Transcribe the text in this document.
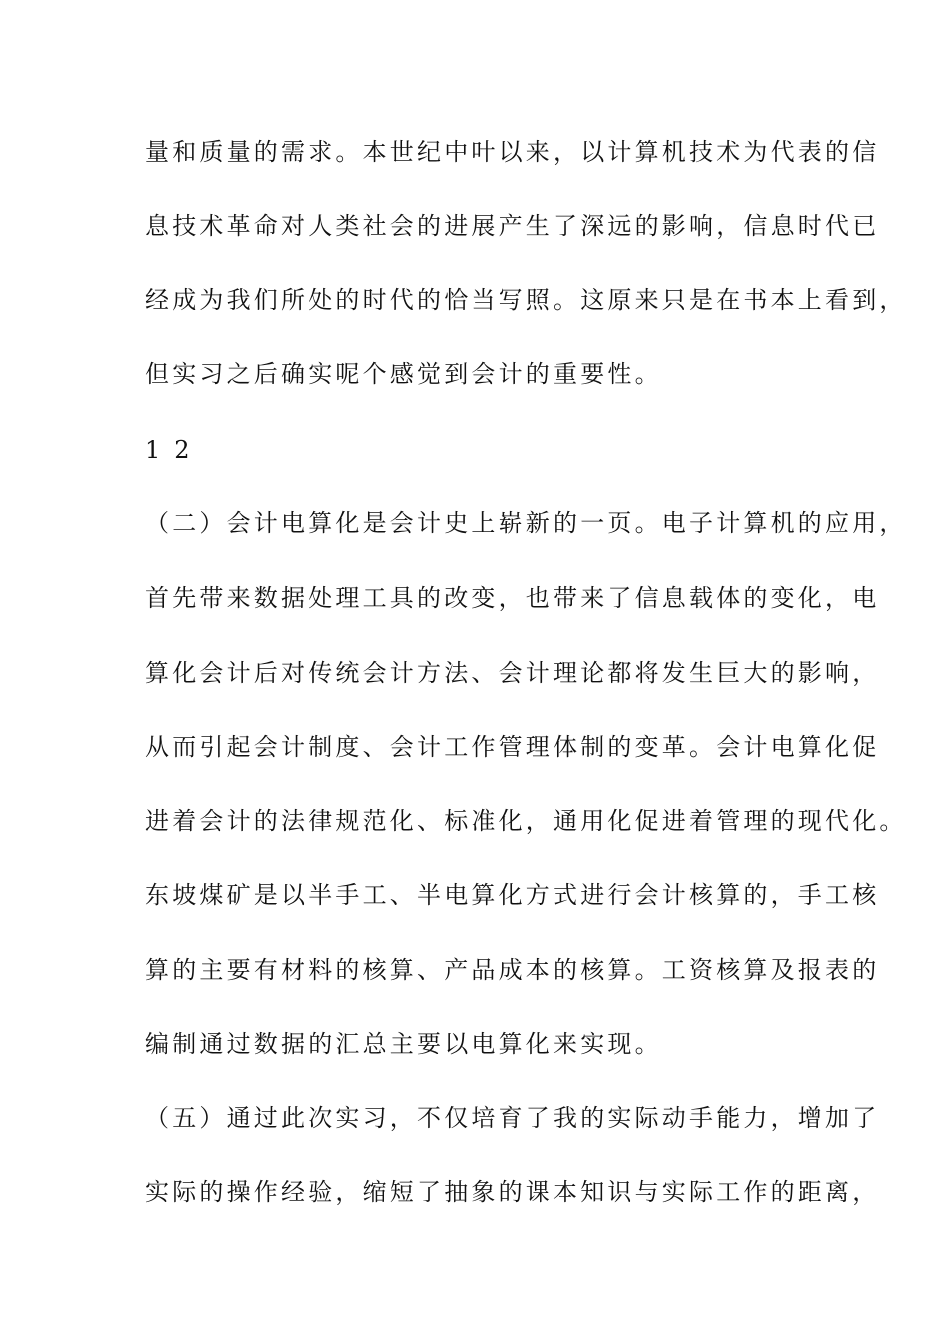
量和质量的需求。本世纪中叶以来，以计算机技术为代表的信
息技术革命对人类社会的进展产生了深远的影响，信息时代已
经成为我们所处的时代的恰当写照。这原来只是在书本上看到，
但实习之后确实呢个感觉到会计的重要性。
1 2
（二）会计电算化是会计史上崭新的一页。电子计算机的应用，
首先带来数据处理工具的改变，也带来了信息载体的变化，电
算化会计后对传统会计方法、会计理论都将发生巨大的影响，
从而引起会计制度、会计工作管理体制的变革。会计电算化促
进着会计的法律规范化、标准化，通用化促进着管理的现代化。
东坡煤矿是以半手工、半电算化方式进行会计核算的，手工核
算的主要有材料的核算、产品成本的核算。工资核算及报表的
编制通过数据的汇总主要以电算化来实现。
（五）通过此次实习，不仅培育了我的实际动手能力，增加了
实际的操作经验，缩短了抽象的课本知识与实际工作的距离，
